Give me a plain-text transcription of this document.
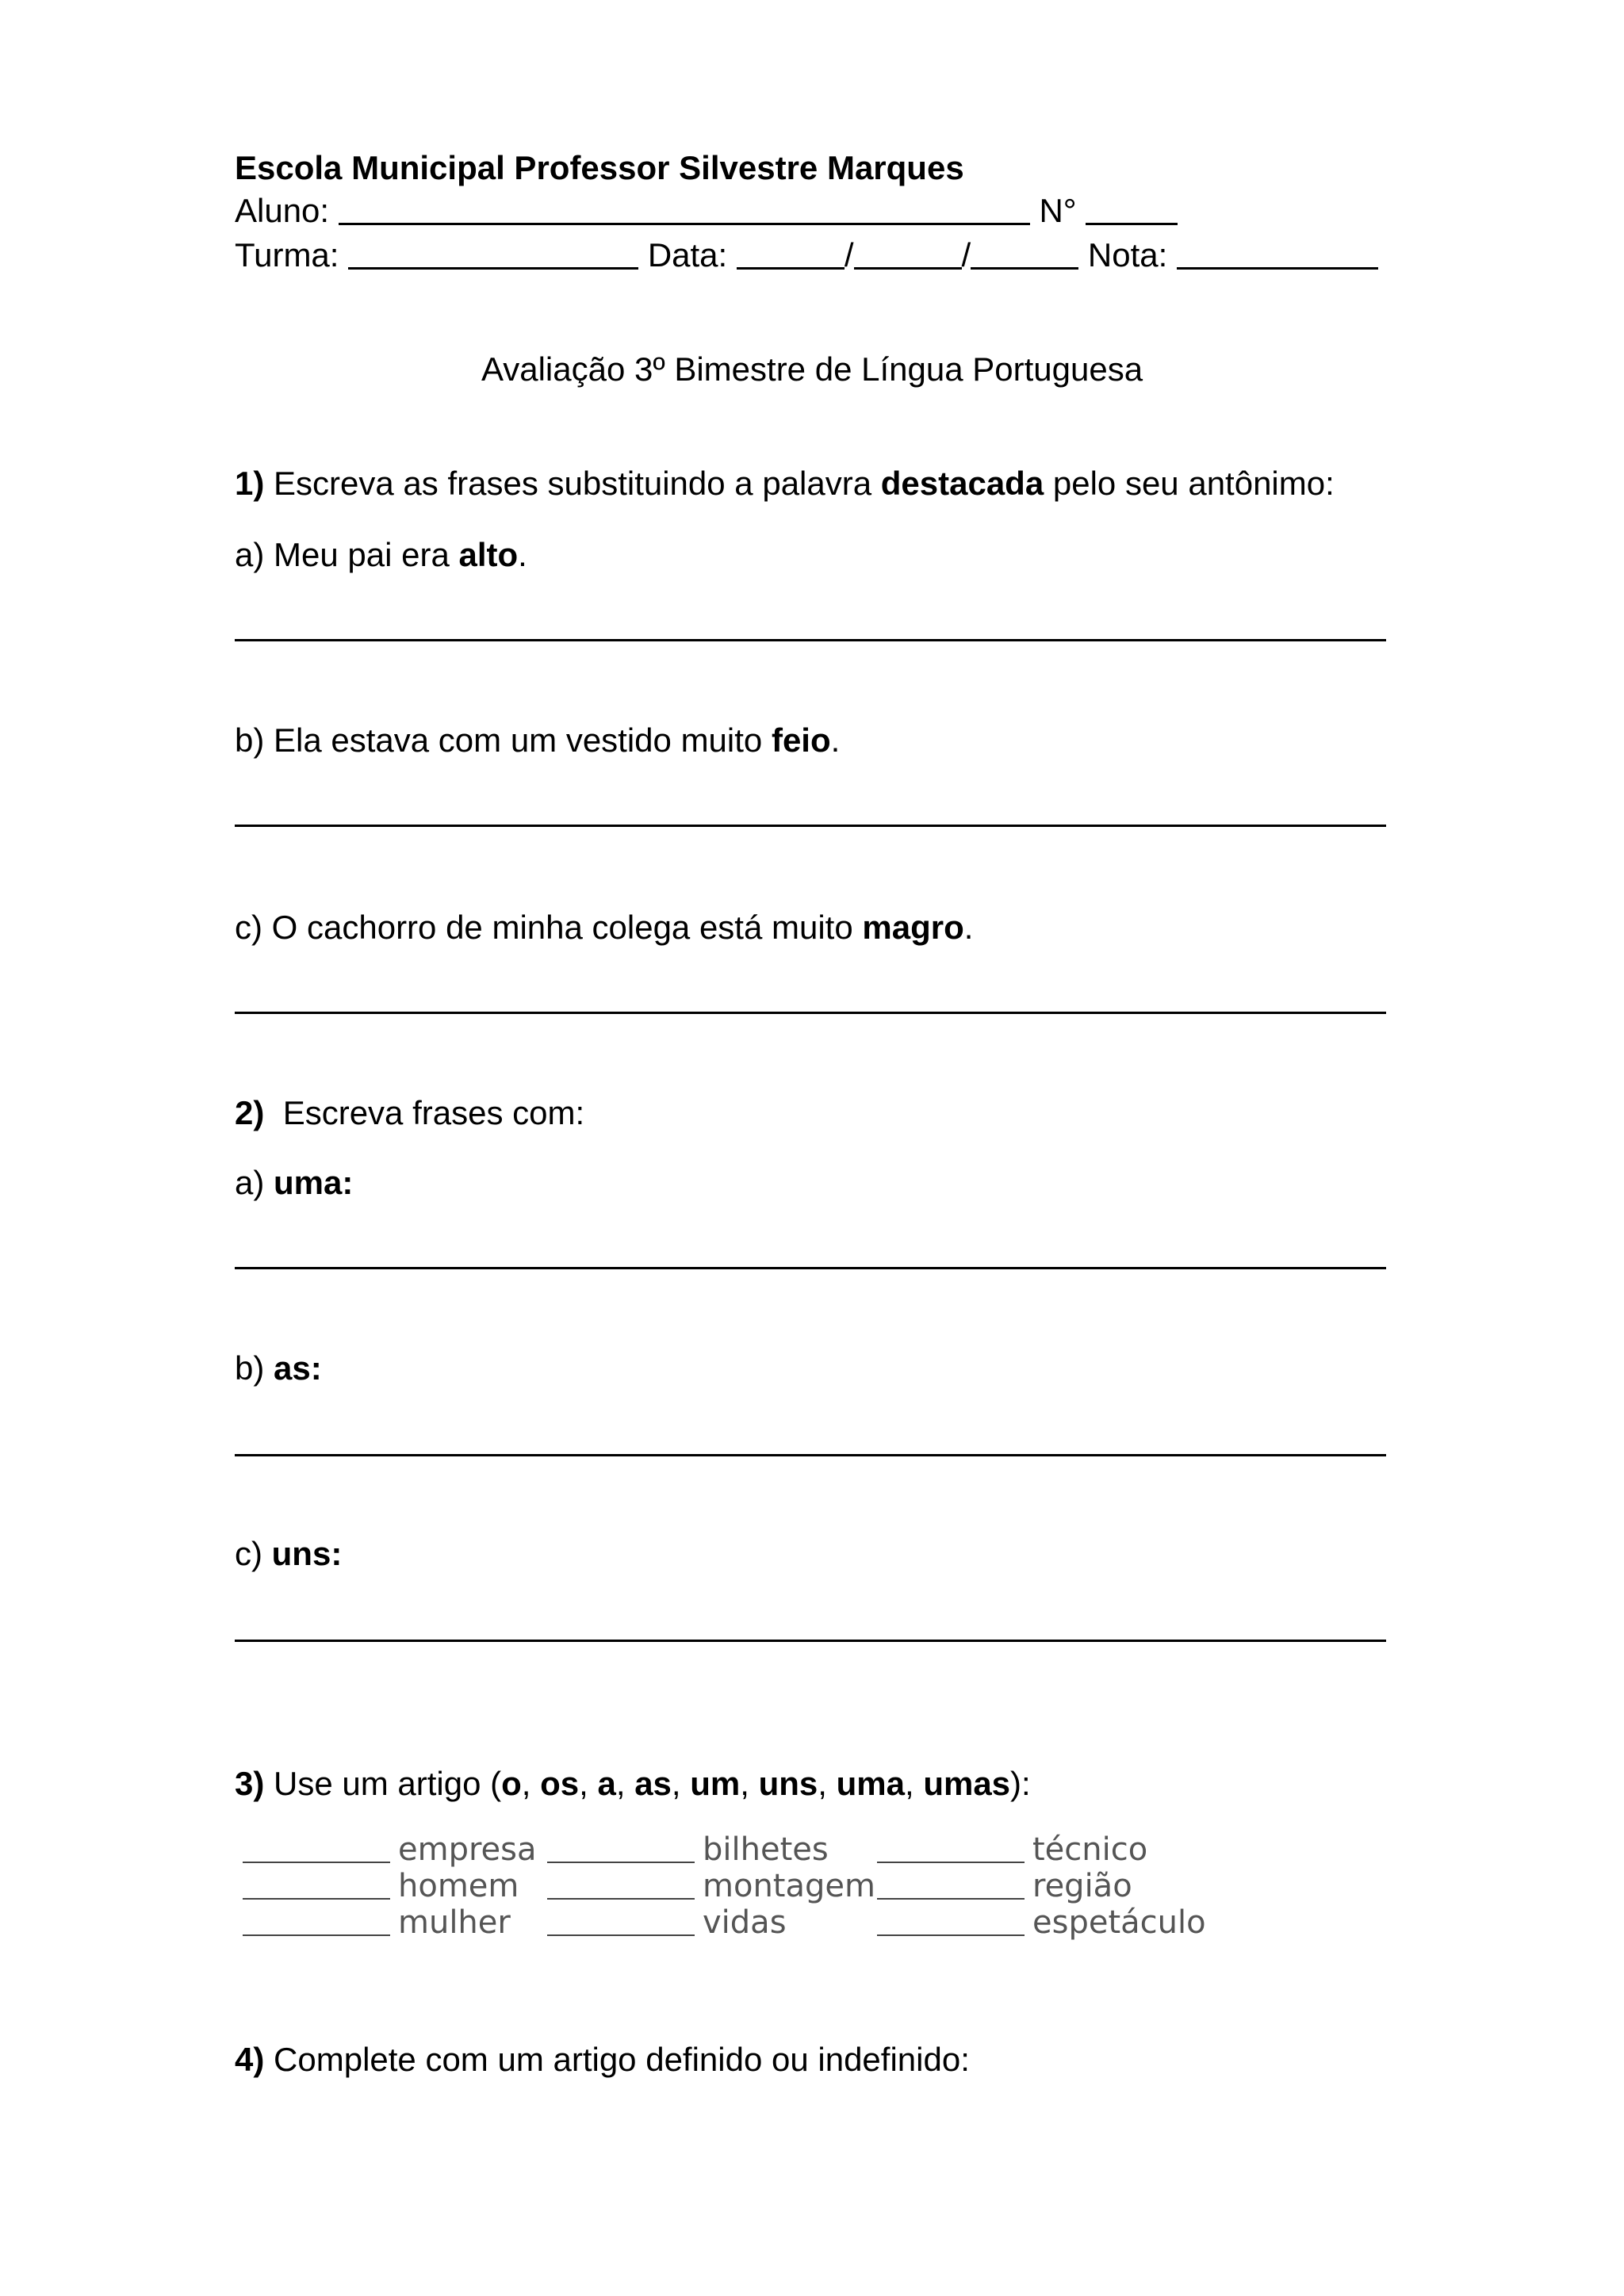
Escola Municipal Professor Silvestre Marques
Aluno:	N°
Turma:	Data:	/	/	Nota:
Avaliação 3º Bimestre de Língua Portuguesa
1) Escreva as frases substituindo a palavra destacada pelo seu antônimo:
a) Meu pai era alto.
b) Ela estava com um vestido muito feio.
c) O cachorro de minha colega está muito magro.
2)  Escreva frases com:
a) uma:
b) as:
c) uns:
3) Use um artigo (o, os, a, as, um, uns, uma, umas):
empresa	bilhetes	técnico
homem	montagem	região
mulher	vidas	espetáculo
4) Complete com um artigo definido ou indefinido:
